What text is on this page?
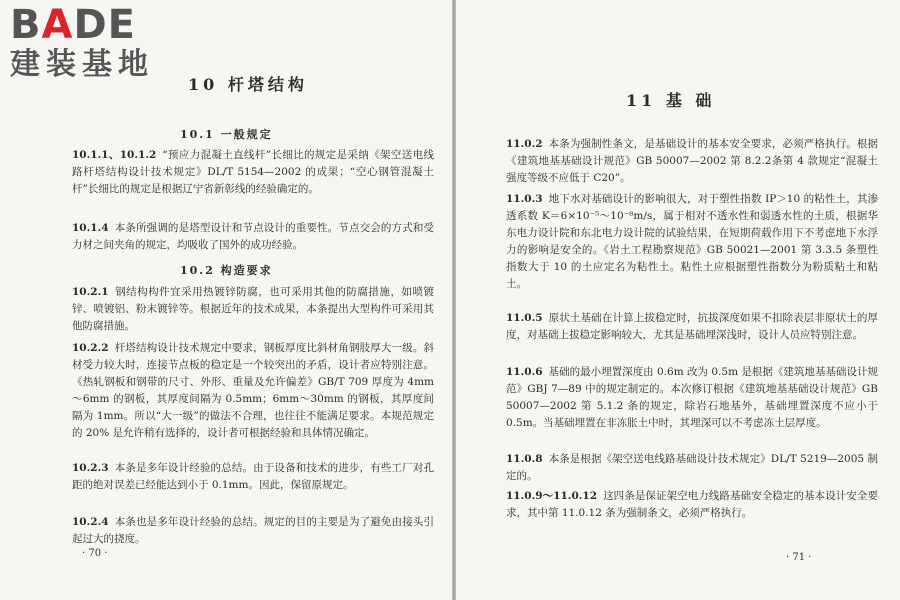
BADE
建装基地
10 杆塔结构
10.1 一般规定
10.1.1、10.1.2 “预应力混凝土直线杆”长细比的规定是采纳《架空送电线路杆塔结构设计技术规定》DL/T 5154—2002 的成果；“空心钢管混凝土杆”长细比的规定是根据辽宁省新彰线的经验确定的。
10.1.4 本条所强调的是塔型设计和节点设计的重要性。节点交会的方式和受力材之间夹角的规定，均吸收了国外的成功经验。
10.2 构造要求
10.2.1 钢结构构件宜采用热镀锌防腐，也可采用其他的防腐措施，如喷镀锌、喷镀铝、粉末镀锌等。根据近年的技术成果，本条提出大型构件可采用其他防腐措施。
10.2.2 杆塔结构设计技术规定中要求，钢板厚度比斜材角钢肢厚大一级。斜材受力较大时，连接节点板的稳定是一个较突出的矛盾，设计者应特别注意。《热轧钢板和钢带的尺寸、外形、重量及允许偏差》GB/T 709 厚度为 4mm～6mm 的钢板，其厚度间隔为 0.5mm；6mm～30mm 的钢板，其厚度间隔为 1mm。所以“大一级”的做法不合理，也往往不能满足要求。本规范规定的 20% 是允许稍有选择的，设计者可根据经验和具体情况确定。
10.2.3 本条是多年设计经验的总结。由于设备和技术的进步，有些工厂对孔距的绝对误差已经能达到小于 0.1mm。因此，保留原规定。
10.2.4 本条也是多年设计经验的总结。规定的目的主要是为了避免由接头引起过大的挠度。
· 70 ·
11 基 础
11.0.2 本条为强制性条文，是基础设计的基本安全要求，必须严格执行。根据《建筑地基基础设计规范》GB 50007—2002 第 8.2.2条第 4 款规定“混凝土强度等级不应低于 C20”。
11.0.3 地下水对基础设计的影响很大，对于塑性指数 IP＞10 的粘性土，其渗透系数 K＝6×10⁻⁵～10⁻⁸m/s，属于相对不透水性和弱透水性的土质，根据华东电力设计院和东北电力设计院的试验结果，在短期荷载作用下不考虑地下水浮力的影响是安全的。《岩土工程勘察规范》GB 50021—2001 第 3.3.5 条塑性指数大于 10 的土应定名为粘性土。粘性土应根据塑性指数分为粉质粘土和粘土。
11.0.5 原状土基础在计算上拔稳定时，抗拔深度如果不扣除表层非原状土的厚度，对基础上拔稳定影响较大，尤其是基础埋深浅时，设计人员应特别注意。
11.0.6 基础的最小埋置深度由 0.6m 改为 0.5m 是根据《建筑地基基础设计规范》GBJ 7—89 中的规定制定的。本次修订根据《建筑地基基础设计规范》GB 50007—2002 第 5.1.2 条的规定，除岩石地基外，基础埋置深度不应小于 0.5m。当基础埋置在非冻胀土中时，其埋深可以不考虑冻土层厚度。
11.0.8 本条是根据《架空送电线路基础设计技术规定》DL/T 5219—2005 制定的。
11.0.9～11.0.12 这四条是保证架空电力线路基础安全稳定的基本设计安全要求，其中第 11.0.12 条为强制条文，必须严格执行。
· 71 ·
